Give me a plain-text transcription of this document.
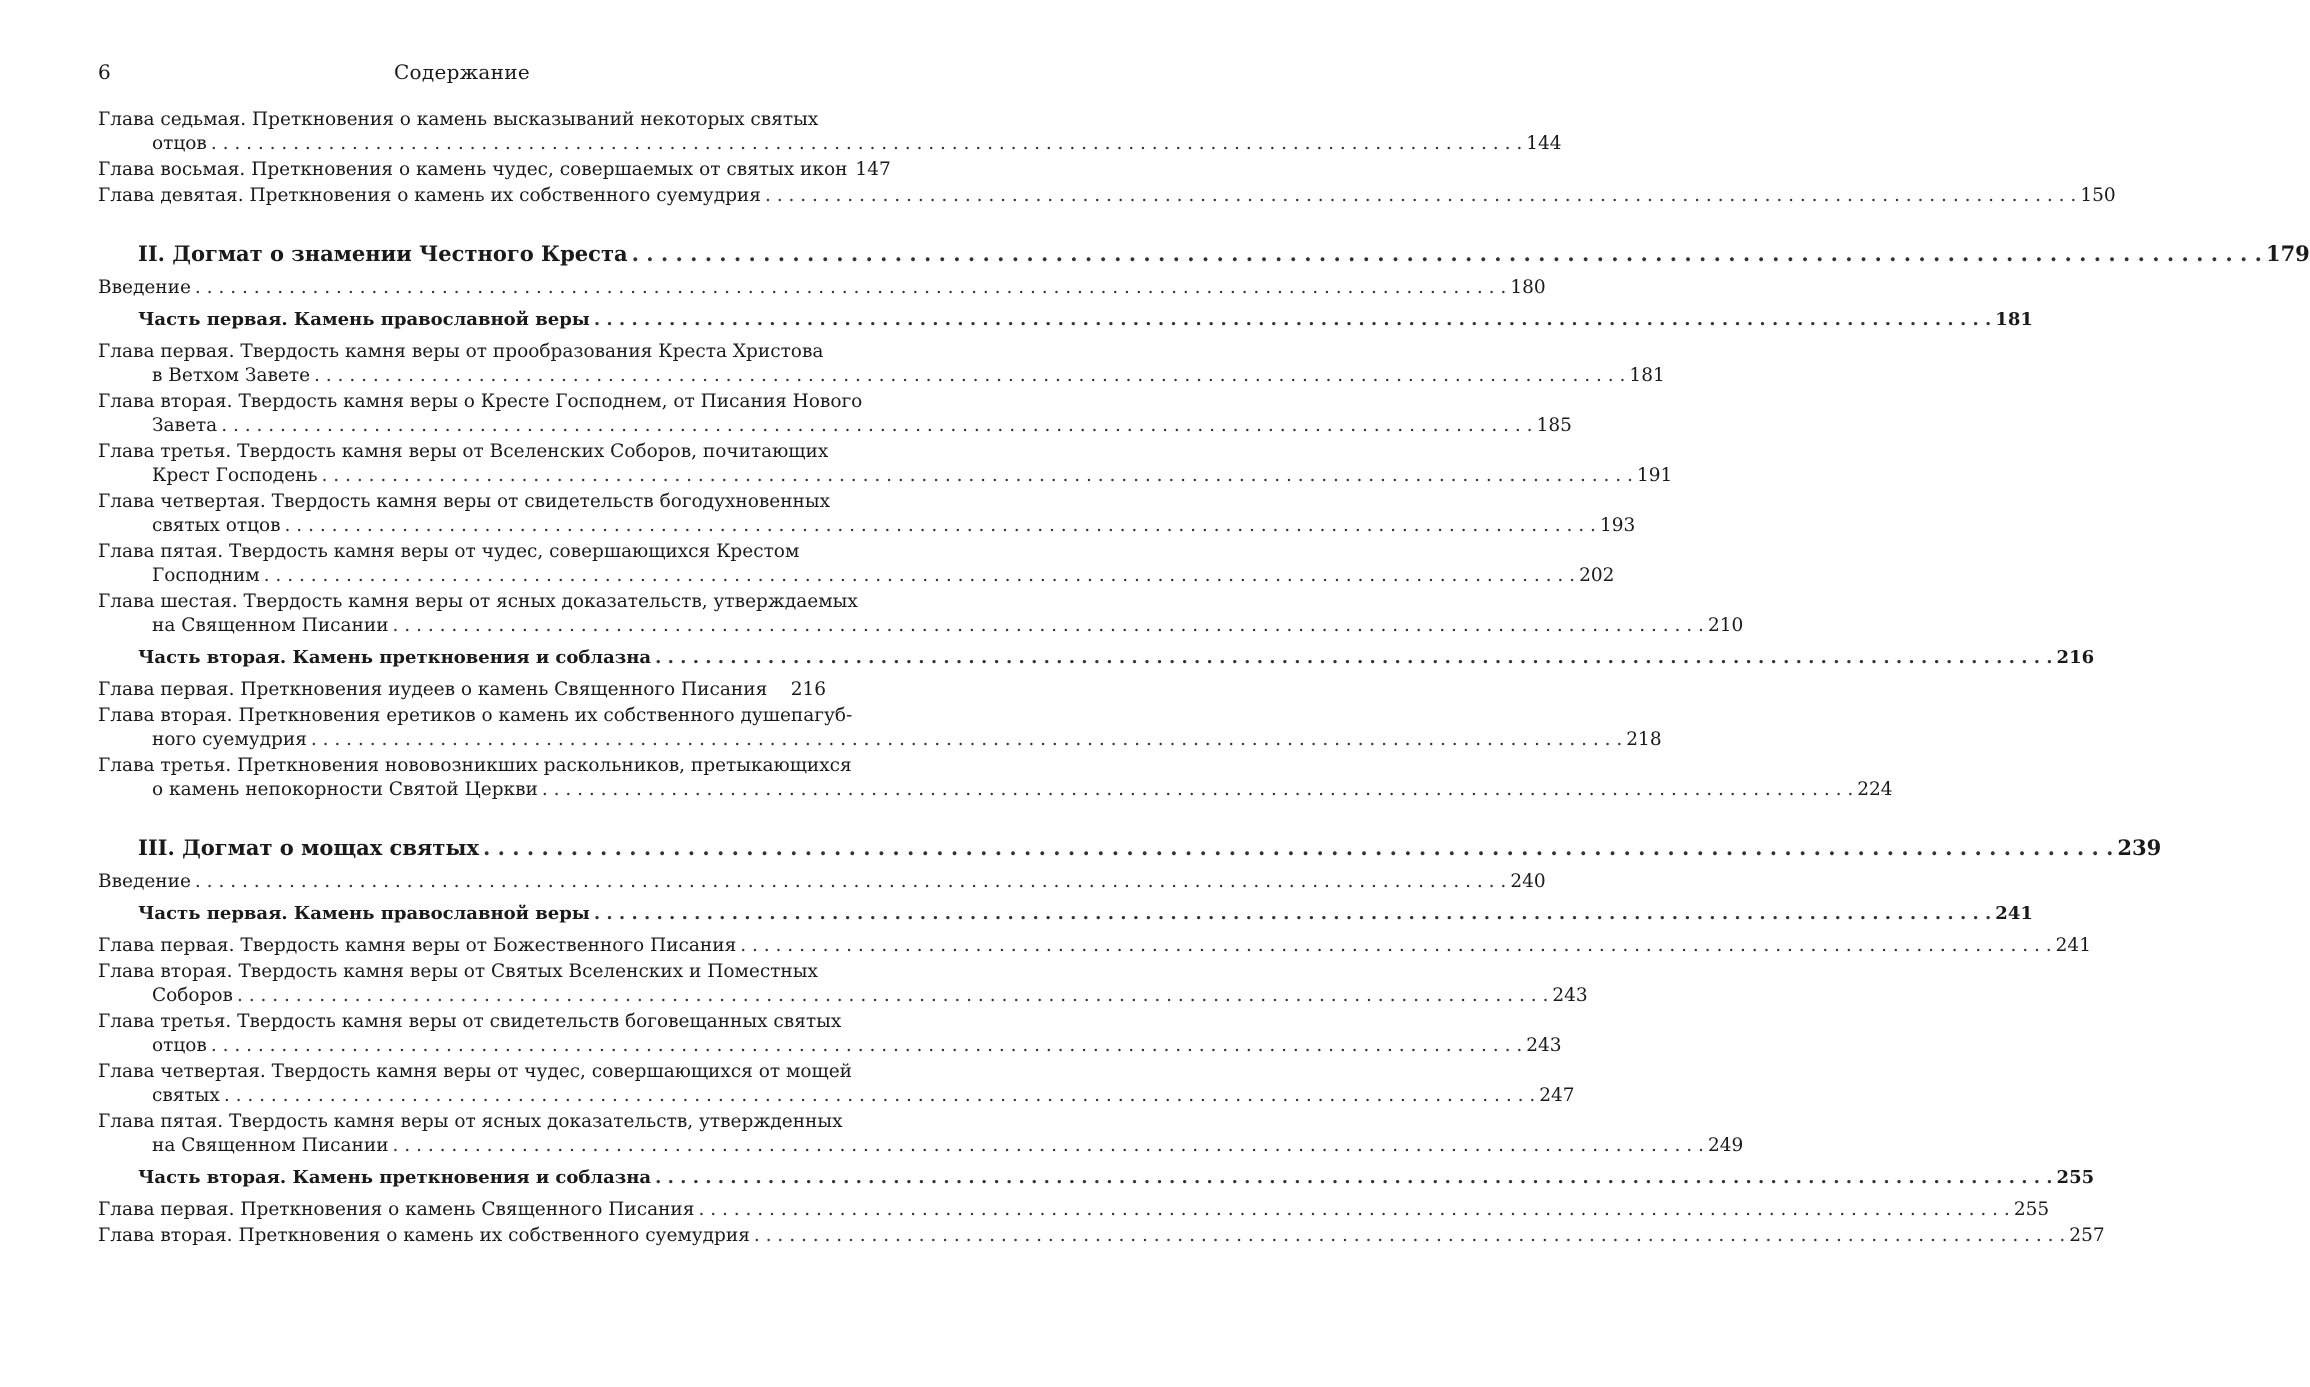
6	Содержание
Глава седьмая. Преткновения о камень высказываний некоторых святых
отцов . . .	144
Глава восьмая. Преткновения о камень чудес, совершаемых от святых икон 147
Глава девятая. Преткновения о камень их собственного суемудрия . . .	150
II. Догмат о знамении Честного Креста . . .	179
Введение . . .	180
Часть первая. Камень православной веры . . .	181
Глава первая. Твердость камня веры от прообразования Креста Христова
в Ветхом Завете . . .	181
Глава вторая. Твердость камня веры о Кресте Господнем, от Писания Нового
Завета . . .	185
Глава третья. Твердость камня веры от Вселенских Соборов, почитающих
Крест Господень . . .	191
Глава четвертая. Твердость камня веры от свидетельств богодухновенных
святых отцов . . .	193
Глава пятая. Твердость камня веры от чудес, совершающихся Крестом
Господним . . .	202
Глава шестая. Твердость камня веры от ясных доказательств, утверждаемых
на Священном Писании . . .	210
Часть вторая. Камень преткновения и соблазна . . .	216
Глава первая. Преткновения иудеев о камень Священного Писания	216
Глава вторая. Преткновения еретиков о камень их собственного душепагуб-
ного суемудрия . . .	218
Глава третья. Преткновения нововозникших раскольников, претыкающихся
о камень непокорности Святой Церкви . . .	224
III. Догмат о мощах святых . . .	239
Введение . . .	240
Часть первая. Камень православной веры . . .	241
Глава первая. Твердость камня веры от Божественного Писания . . .	241
Глава вторая. Твердость камня веры от Святых Вселенских и Поместных
Соборов . . .	243
Глава третья. Твердость камня веры от свидетельств боговещанных святых
отцов . . .	243
Глава четвертая. Твердость камня веры от чудес, совершающихся от мощей
святых . . .	247
Глава пятая. Твердость камня веры от ясных доказательств, утвержденных
на Священном Писании . . .	249
Часть вторая. Камень преткновения и соблазна . . .	255
Глава первая. Преткновения о камень Священного Писания . . .	255
Глава вторая. Преткновения о камень их собственного суемудрия . . .	257
